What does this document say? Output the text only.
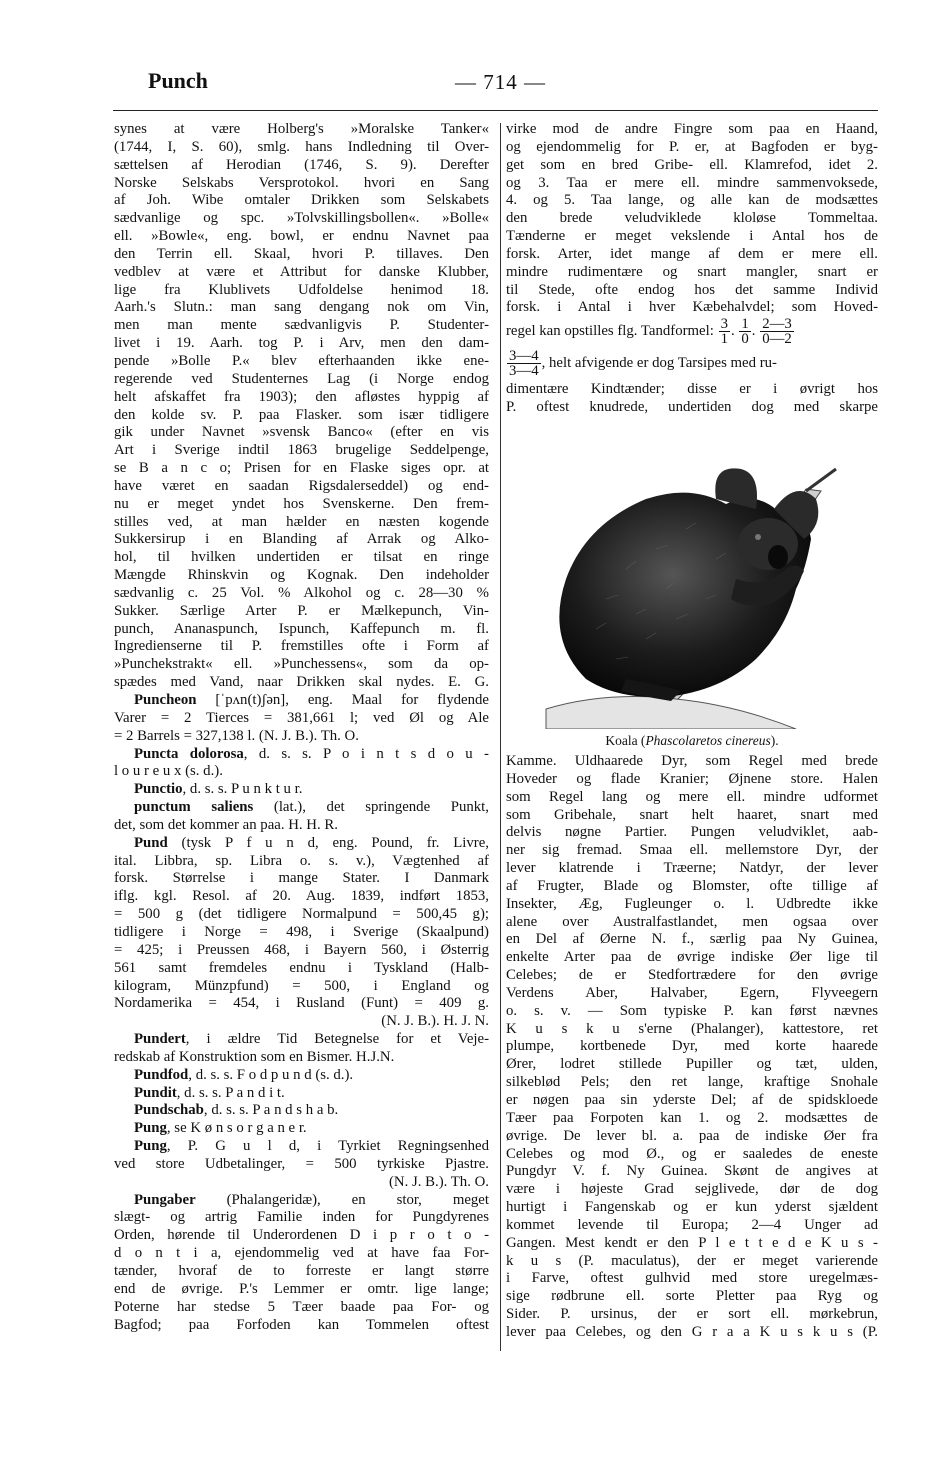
Punch	— 714 —
synes at være Holberg's »Moralske Tanker«
(1744, I, S. 60), smlg. hans Indledning til Over-
sættelsen af Herodian (1746, S. 9). Derefter
Norske Selskabs Versprotokol. hvori en Sang
af Joh. Wibe omtaler Drikken som Selskabets
sædvanlige og spc. »Tolvskillingsbollen«. »Bolle«
ell. »Bowle«, eng. bowl, er endnu Navnet paa
den Terrin ell. Skaal, hvori P. tillaves. Den
vedblev at være et Attribut for danske Klubber,
lige fra Klublivets Udfoldelse henimod 18.
Aarh.'s Slutn.: man sang dengang nok om Vin,
men man mente sædvanligvis P. Studenter-
livet i 19. Aarh. tog P. i Arv, men den dam-
pende »Bolle P.« blev efterhaanden ikke ene-
regerende ved Studenternes Lag (i Norge endog
helt afskaffet fra 1903); den afløstes hyppig af
den kolde sv. P. paa Flasker. som især tidligere
gik under Navnet »svensk Banco« (efter en vis
Art i Sverige indtil 1863 brugelige Seddelpenge,
se B a n c o; Prisen for en Flaske siges opr. at
have været en saadan Rigsdalerseddel) og end-
nu er meget yndet hos Svenskerne. Den frem-
stilles ved, at man hælder en næsten kogende
Sukkersirup i en Blanding af Arrak og Alko-
hol, til hvilken undertiden er tilsat en ringe
Mængde Rhinskvin og Kognak. Den indeholder
sædvanlig c. 25 Vol. % Alkohol og c. 28—30 %
Sukker. Særlige Arter P. er Mælkepunch, Vin-
punch, Ananaspunch, Ispunch, Kaffepunch m. fl.
Ingredienserne til P. fremstilles ofte i Form af
»Punchekstrakt« ell. »Punchessens«, som da op-
spædes med Vand, naar Drikken skal nydes. E. G.
Puncheon [ˈpʌn(t)ʃən], eng. Maal for flydende
Varer = 2 Tierces = 381,661 l; ved Øl og Ale
= 2 Barrels = 327,138 l. (N. J. B.). Th. O.
Puncta dolorosa, d. s. s. P o i n t s d o u -
l o u r e u x (s. d.).
Punctio, d. s. s. P u n k t u r.
punctum saliens (lat.), det springende Punkt,
det, som det kommer an paa. H. H. R.
Pund (tysk P f u n d, eng. Pound, fr. Livre,
ital. Libbra, sp. Libra o. s. v.), Vægtenhed af
forsk. Størrelse i mange Stater. I Danmark
iflg. kgl. Resol. af 20. Aug. 1839, indført 1853,
= 500 g (det tidligere Normalpund = 500,45 g);
tidligere i Norge = 498, i Sverige (Skaalpund)
= 425; i Preussen 468, i Bayern 560, i Østerrig
561 samt fremdeles endnu i Tyskland (Halb-
kilogram, Münzpfund) = 500, i England og
Nordamerika = 454, i Rusland (Funt) = 409 g.
(N. J. B.). H. J. N.
Pundert, i ældre Tid Betegnelse for et Veje-
redskab af Konstruktion som en Bismer. H.J.N.
Pundfod, d. s. s. F o d p u n d (s. d.).
Pundit, d. s. s. P a n d i t.
Pundschab, d. s. s. P a n d s h a b.
Pung, se K ø n s o r g a n e r.
Pung, P. G u l d, i Tyrkiet Regningsenhed
ved store Udbetalinger, = 500 tyrkiske Pjastre.
(N. J. B.). Th. O.
Pungaber (Phalangeridæ), en stor, meget
slægt- og artrig Familie inden for Pungdyrenes
Orden, hørende til Underordenen D i p r o t o -
d o n t i a, ejendommelig ved at have faa For-
tænder, hvoraf de to forreste er langt større
end de øvrige. P.'s Lemmer er omtr. lige lange;
Poterne har stedse 5 Tæer baade paa For- og
Bagfod; paa Forfoden kan Tommelen oftest
virke mod de andre Fingre som paa en Haand,
og ejendommelig for P. er, at Bagfoden er byg-
get som en bred Gribe- ell. Klamrefod, idet 2.
og 3. Taa er mere ell. mindre sammenvoksede,
4. og 5. Taa lange, og alle kan de modsættes
den brede veludviklede kloløse Tommeltaa.
Tænderne er meget vekslende i Antal hos de
forsk. Arter, idet mange af dem er mere ell.
mindre rudimentære og snart mangler, snart er
til Stede, ofte endog hos det samme Individ
forsk. i Antal i hver Kæbehalvdel; som Hoved-
regel kan opstilles flg. Tandformel: $\frac{3}{1}$ . $\frac{1}{0}$ . $\frac{2—3}{0—2}$
$\frac{3—4}{3—4}$ , helt afvigende er dog Tarsipes med ru-
dimentære Kindtænder; disse er i øvrigt hos
P. oftest knudrede, undertiden dog med skarpe
Koala (Phascolaretos cinereus).
Kamme. Uldhaarede Dyr, som Regel med brede
Hoveder og flade Kranier; Øjnene store. Halen
som Regel lang og mere ell. mindre udformet
som Gribehale, snart helt haaret, snart med
delvis nøgne Partier. Pungen veludviklet, aab-
ner sig fremad. Smaa ell. mellemstore Dyr, der
lever klatrende i Træerne; Natdyr, der lever
af Frugter, Blade og Blomster, ofte tillige af
Insekter, Æg, Fugleunger o. l. Udbredte ikke
alene over Australfastlandet, men ogsaa over
en Del af Øerne N. f., særlig paa Ny Guinea,
enkelte Arter paa de øvrige indiske Øer lige til
Celebes; de er Stedfortrædere for den øvrige
Verdens Aber, Halvaber, Egern, Flyveegern
o. s. v. — Som typiske P. kan først nævnes
K u s k u s'erne (Phalanger), kattestore, ret
plumpe, kortbenede Dyr, med korte haarede
Ører, lodret stillede Pupiller og tæt, ulden,
silkeblød Pels; den ret lange, kraftige Snohale
er nøgen paa sin yderste Del; af de spidskloede
Tæer paa Forpoten kan 1. og 2. modsættes de
øvrige. De lever bl. a. paa de indiske Øer fra
Celebes og mod Ø., og er saaledes de eneste
Pungdyr V. f. Ny Guinea. Skønt de angives at
være i højeste Grad sejglivede, dør de dog
hurtigt i Fangenskab og er kun yderst sjældent
kommet levende til Europa; 2—4 Unger ad
Gangen. Mest kendt er den P l e t t e d e K u s -
k u s (P. maculatus), der er meget varierende
i Farve, oftest gulhvid med store uregelmæs-
sige rødbrune ell. sorte Pletter paa Ryg og
Sider. P. ursinus, der er sort ell. mørkebrun,
lever paa Celebes, og den G r a a K u s k u s (P.
